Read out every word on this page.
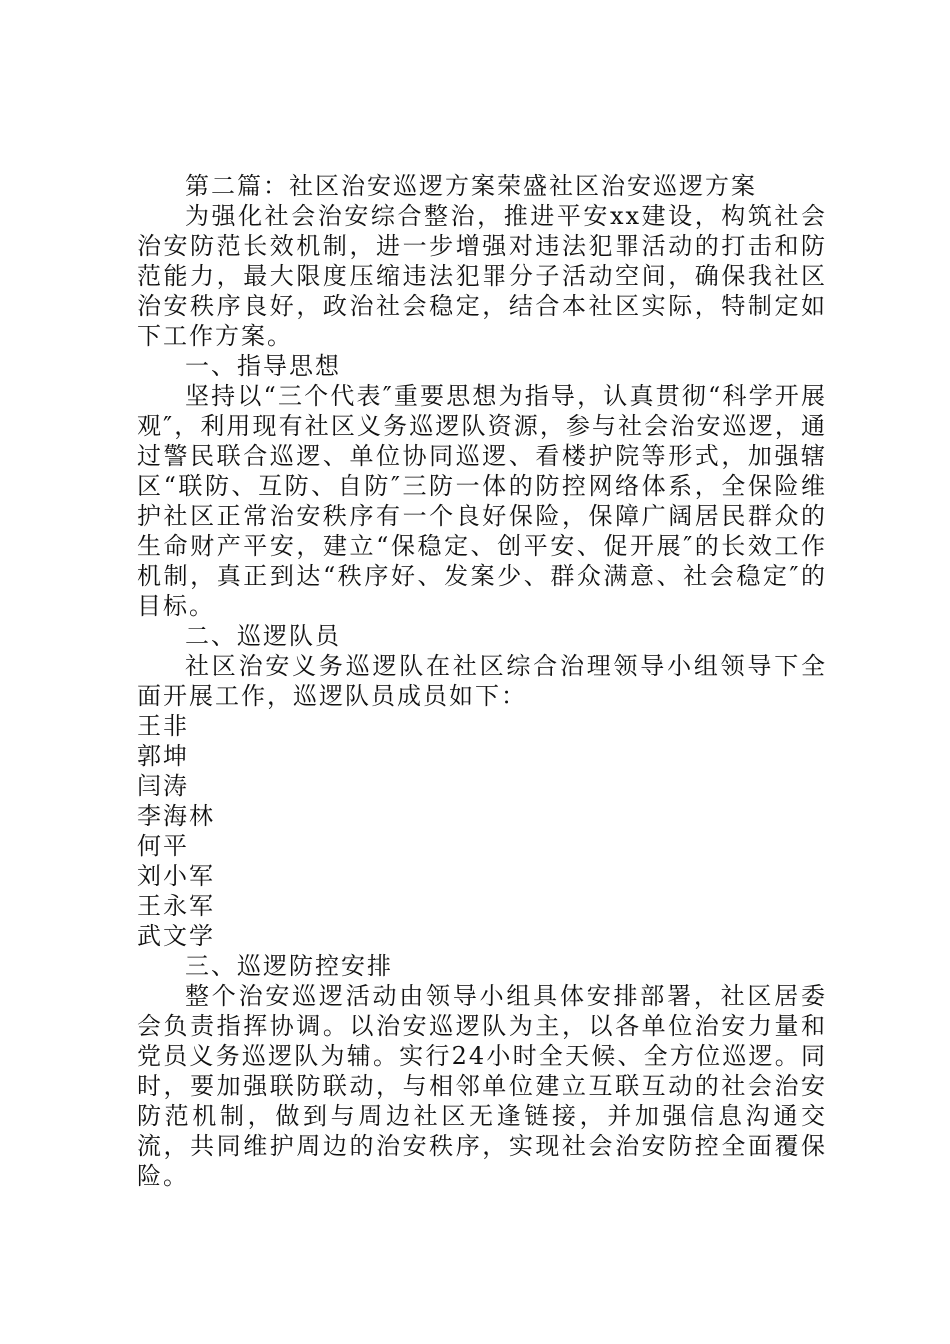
第二篇：社区治安巡逻方案荣盛社区治安巡逻方案

为强化社会治安综合整治，推进平安xx建设，构筑社会治安防范长效机制，进一步增强对违法犯罪活动的打击和防范能力，最大限度压缩违法犯罪分子活动空间，确保我社区治安秩序良好，政治社会稳定，结合本社区实际，特制定如下工作方案。

一、指导思想

坚持以“三个代表″重要思想为指导，认真贯彻“科学开展观″，利用现有社区义务巡逻队资源，参与社会治安巡逻，通过警民联合巡逻、单位协同巡逻、看楼护院等形式，加强辖区“联防、互防、自防″三防一体的防控网络体系，全保险维护社区正常治安秩序有一个良好保险，保障广阔居民群众的生命财产平安，建立“保稳定、创平安、促开展″的长效工作机制，真正到达“秩序好、发案少、群众满意、社会稳定″的目标。

二、巡逻队员

社区治安义务巡逻队在社区综合治理领导小组领导下全面开展工作，巡逻队员成员如下：

王非

郭坤

闫涛

李海林

何平

刘小军

王永军

武文学

三、巡逻防控安排

整个治安巡逻活动由领导小组具体安排部署，社区居委会负责指挥协调。以治安巡逻队为主，以各单位治安力量和党员义务巡逻队为辅。实行24小时全天候、全方位巡逻。同时，要加强联防联动，与相邻单位建立互联互动的社会治安防范机制，做到与周边社区无逢链接，并加强信息沟通交流，共同维护周边的治安秩序，实现社会治安防控全面覆保险。
